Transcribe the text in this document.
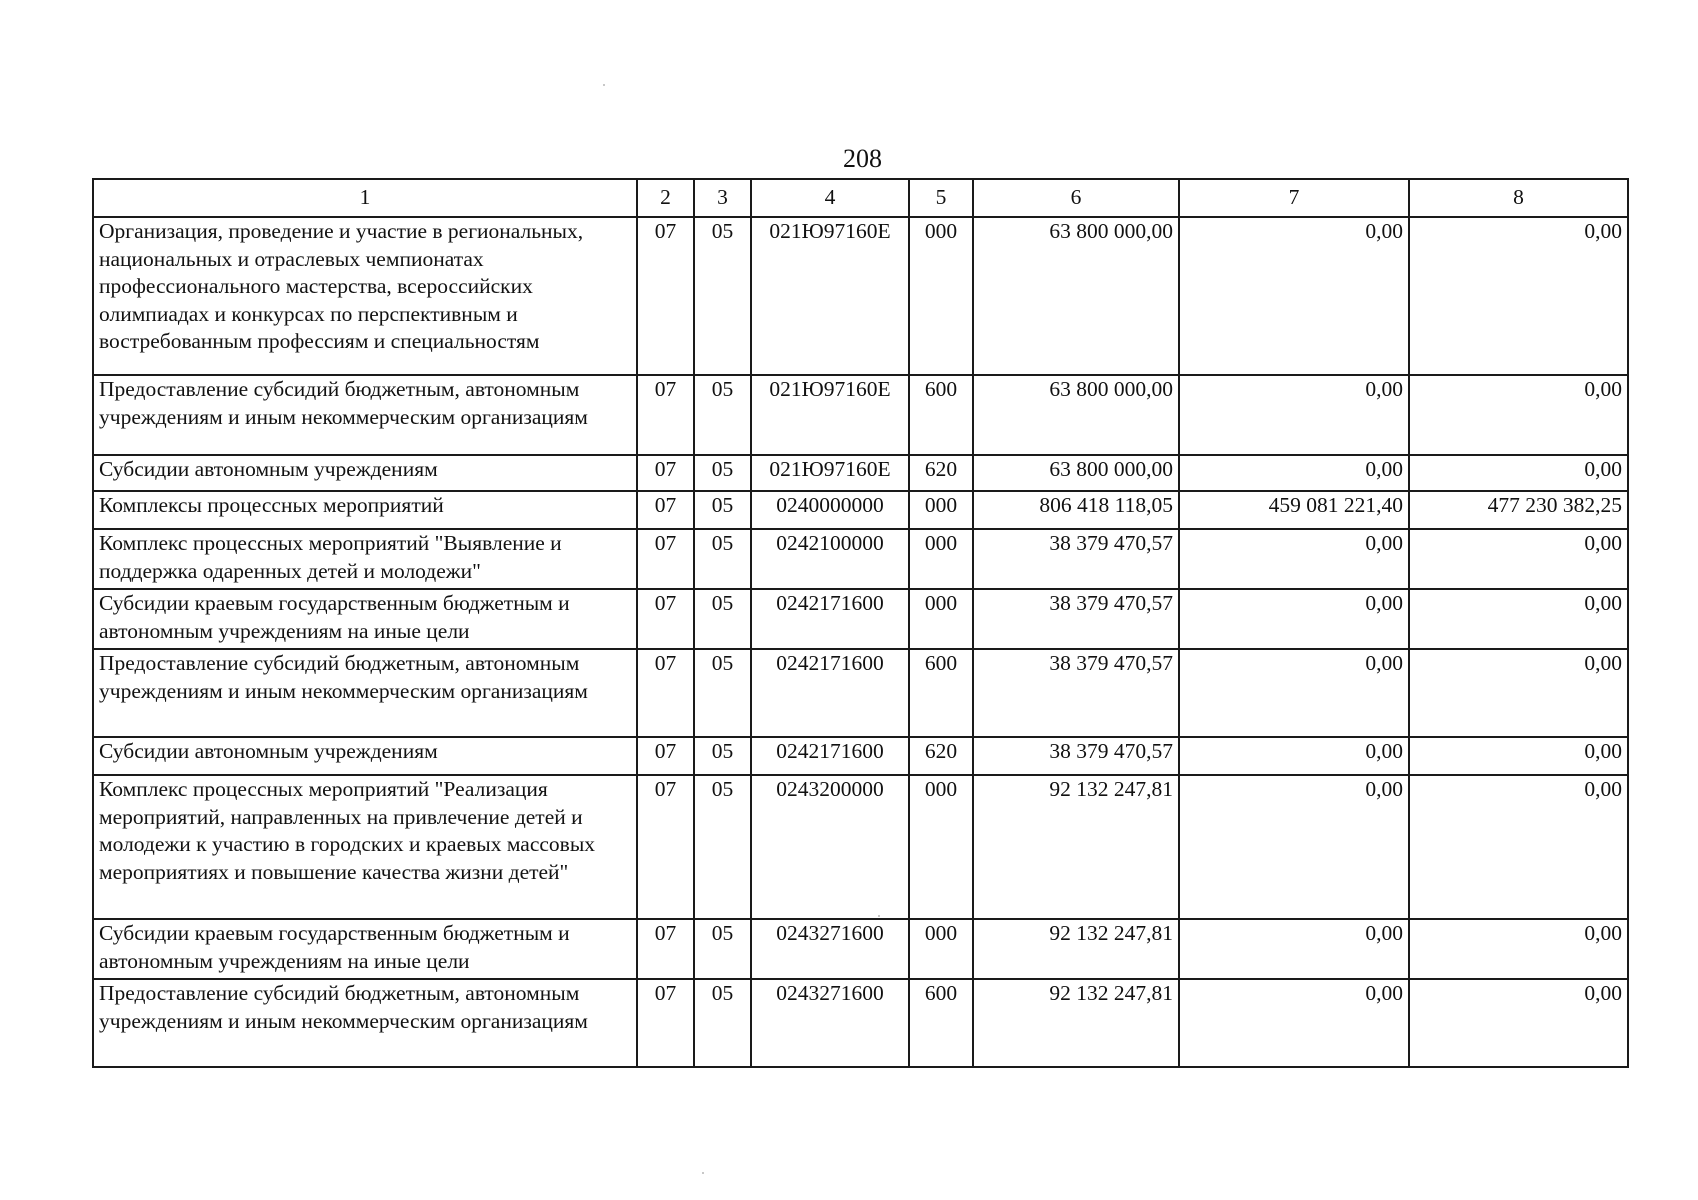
208
1	2	3	4	5	6	7	8
Организация, проведение и участие в региональных, национальных и отраслевых чемпионатах профессионального мастерства, всероссийских олимпиадах и конкурсах по перспективным и востребованным профессиям и специальностям	07	05	021Ю97160Е	000	63 800 000,00	0,00	0,00
Предоставление субсидий бюджетным, автономным учреждениям и иным некоммерческим организациям	07	05	021Ю97160Е	600	63 800 000,00	0,00	0,00
Субсидии автономным учреждениям	07	05	021Ю97160Е	620	63 800 000,00	0,00	0,00
Комплексы процессных мероприятий	07	05	0240000000	000	806 418 118,05	459 081 221,40	477 230 382,25
Комплекс процессных мероприятий "Выявление и поддержка одаренных детей и молодежи"	07	05	0242100000	000	38 379 470,57	0,00	0,00
Субсидии краевым государственным бюджетным и автономным учреждениям на иные цели	07	05	0242171600	000	38 379 470,57	0,00	0,00
Предоставление субсидий бюджетным, автономным учреждениям и иным некоммерческим организациям	07	05	0242171600	600	38 379 470,57	0,00	0,00
Субсидии автономным учреждениям	07	05	0242171600	620	38 379 470,57	0,00	0,00
Комплекс процессных мероприятий "Реализация мероприятий, направленных на привлечение детей и молодежи к участию в городских и краевых массовых мероприятиях и повышение качества жизни детей"	07	05	0243200000	000	92 132 247,81	0,00	0,00
Субсидии краевым государственным бюджетным и автономным учреждениям на иные цели	07	05	0243271600	000	92 132 247,81	0,00	0,00
Предоставление субсидий бюджетным, автономным учреждениям и иным некоммерческим организациям	07	05	0243271600	600	92 132 247,81	0,00	0,00
